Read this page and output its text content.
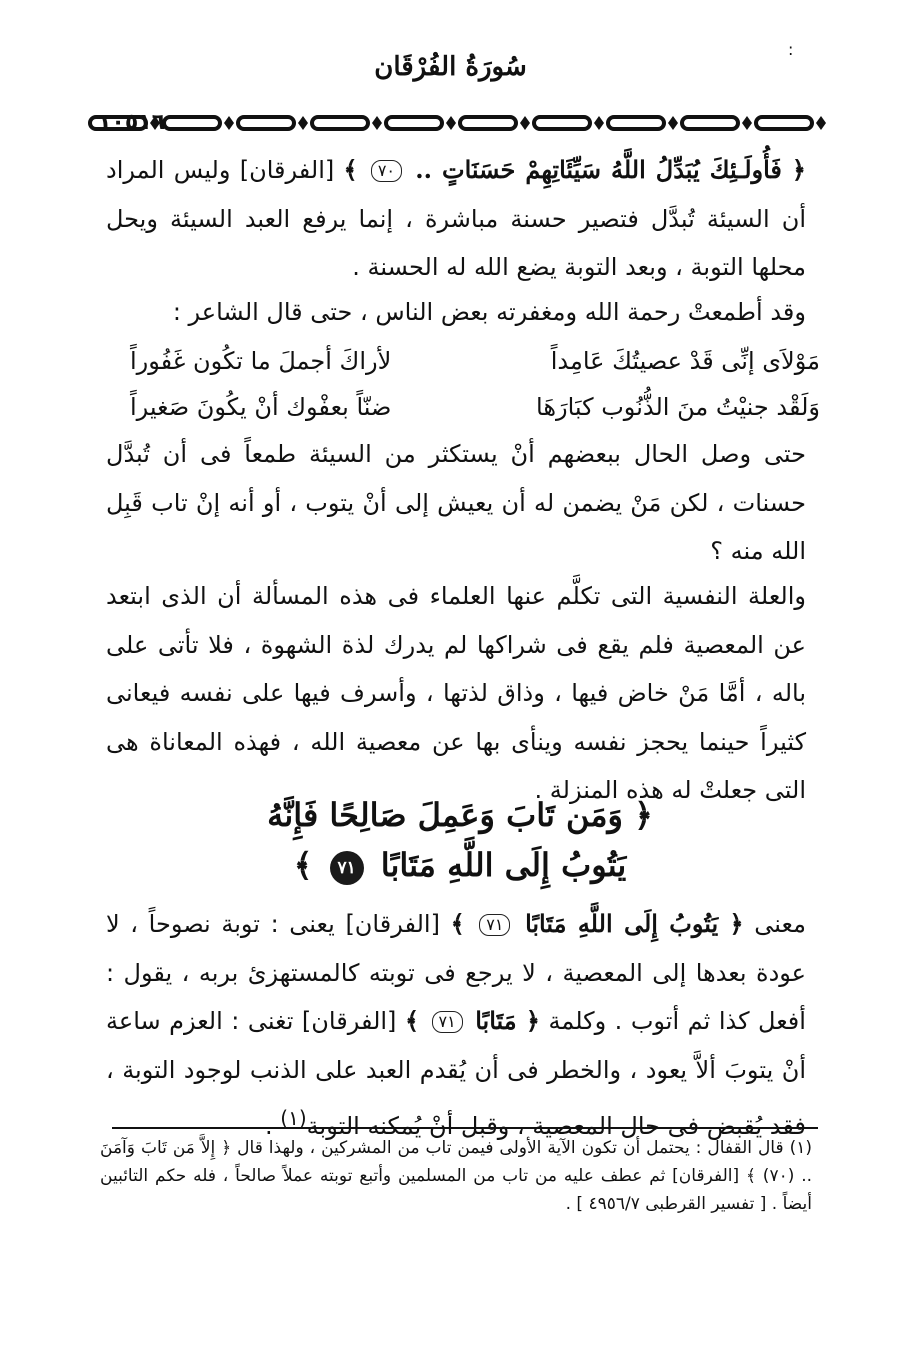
:
سُورَةُ الفُرْقَان
١٠٥١٦
﴿ فَأُولَـئِكَ يُبَدِّلُ اللَّهُ سَيِّئَاتِهِمْ حَسَنَاتٍ .. ٧٠ ﴾ [الفرقان] وليس المراد أن السيئة تُبدَّل فتصير حسنة مباشرة ، إنما يرفع العبد السيئة ويحل محلها التوبة ، وبعد التوبة يضع الله له الحسنة .
وقد أطمعتْ رحمة الله ومغفرته بعض الناس ، حتى قال الشاعر :
مَوْلاَى إنِّى قَدْ عصيتُكَ عَامِداً
لأراكَ أجملَ ما تكُون غَفُوراً
وَلَقْد جنيْتُ منَ الذُّنُوب كبَارَهَا
ضنّاً بعفْوك أنْ يكُونَ صَغيراً
حتى وصل الحال ببعضهم أنْ يستكثر من السيئة طمعاً فى أن تُبدَّل حسنات ، لكن مَنْ يضمن له أن يعيش إلى أنْ يتوب ، أو أنه إنْ تاب قَبِل الله منه ؟
والعلة النفسية التى تكلَّم عنها العلماء فى هذه المسألة أن الذى ابتعد عن المعصية فلم يقع فى شراكها لم يدرك لذة الشهوة ، فلا تأتى على باله ، أمَّا مَنْ خاض فيها ، وذاق لذتها ، وأسرف فيها على نفسه فيعانى كثيراً حينما يحجز نفسه وينأى بها عن معصية الله ، فهذه المعاناة هى التى جعلتْ له هذه المنزلة .
﴿ وَمَن تَابَ وَعَمِلَ صَالِحًا فَإِنَّهُ
يَتُوبُ إِلَى اللَّهِ مَتَابًا ٧١ ﴾
معنى ﴿ يَتُوبُ إِلَى اللَّهِ مَتَابًا ٧١ ﴾ [الفرقان] يعنى : توبة نصوحاً ، لا عودة بعدها إلى المعصية ، لا يرجع فى توبته كالمستهزئ بربه ، يقول : أفعل كذا ثم أتوب . وكلمة ﴿ مَتَابًا ٧١ ﴾ [الفرقان] تغنى : العزم ساعة أنْ يتوبَ ألاَّ يعود ، والخطر فى أن يُقدم العبد على الذنب لوجود التوبة ، فقد يُقبض فى حال المعصية ، وقبل أنْ يُمكنه التوبة$^{(١)}$ .
(١) قال القفال : يحتمل أن تكون الآية الأولى فيمن تاب من المشركين ، ولهذا قال ﴿ إِلاَّ مَن تَابَ وَآمَنَ .. (٧٠) ﴾ [الفرقان] ثم عطف عليه من تاب من المسلمين وأتبع توبته عملاً صالحاً ، فله حكم التائبين أيضاً . [ تفسير القرطبى ٤٩٥٦/٧ ] .
